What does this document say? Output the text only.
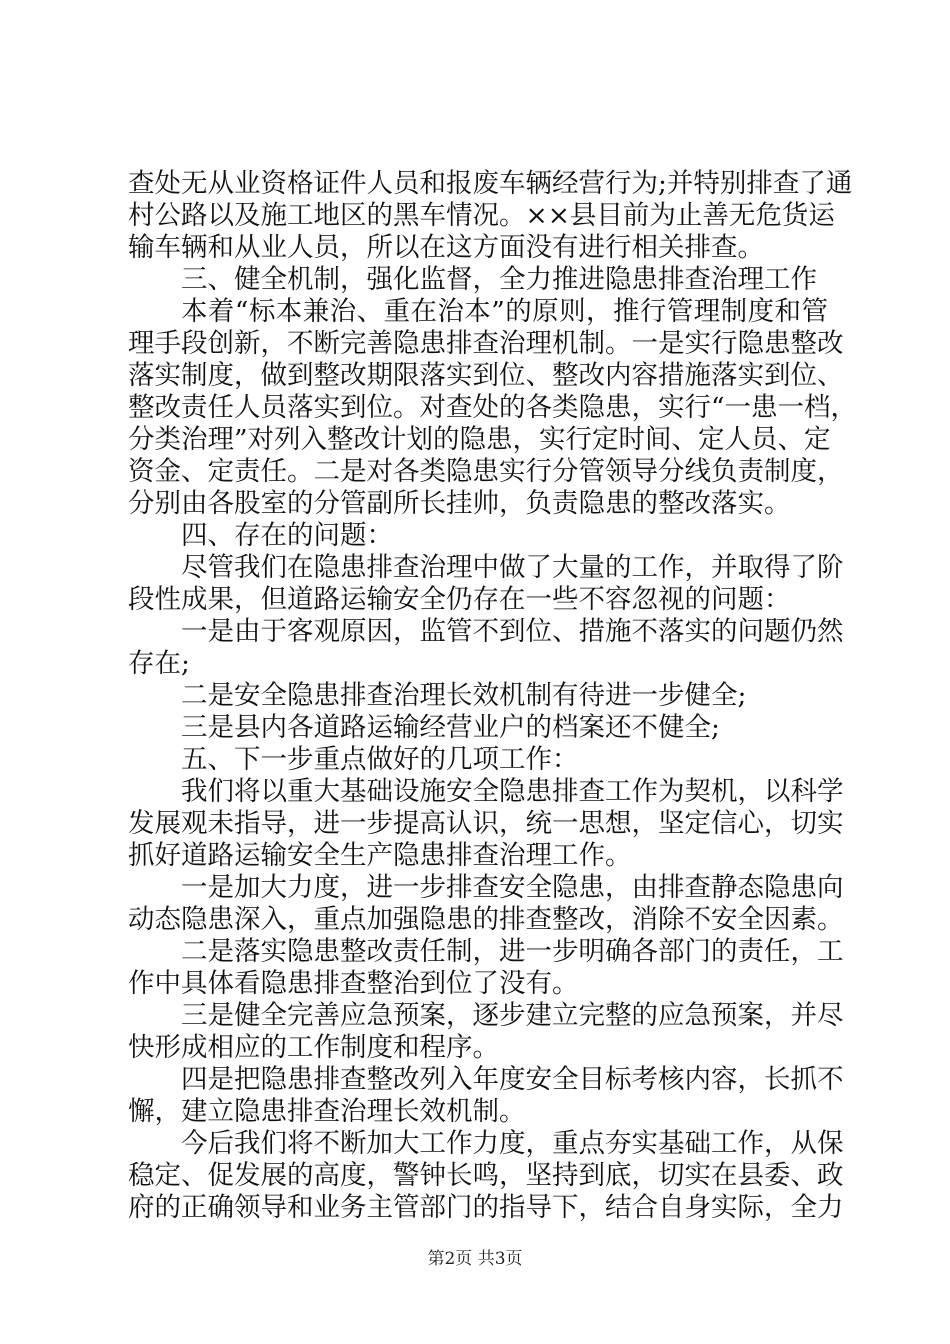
查处无从业资格证件人员和报废车辆经营行为;并特别排查了通
村公路以及施工地区的黑车情况。××县目前为止善无危货运
输车辆和从业人员，所以在这方面没有进行相关排查。
三、健全机制，强化监督，全力推进隐患排查治理工作
本着“标本兼治、重在治本”的原则，推行管理制度和管
理手段创新，不断完善隐患排查治理机制。一是实行隐患整改
落实制度，做到整改期限落实到位、整改内容措施落实到位、
整改责任人员落实到位。对查处的各类隐患，实行“一患一档，
分类治理”对列入整改计划的隐患，实行定时间、定人员、定
资金、定责任。二是对各类隐患实行分管领导分线负责制度，
分别由各股室的分管副所长挂帅，负责隐患的整改落实。
四、存在的问题：
尽管我们在隐患排查治理中做了大量的工作，并取得了阶
段性成果，但道路运输安全仍存在一些不容忽视的问题：
一是由于客观原因，监管不到位、措施不落实的问题仍然
存在;
二是安全隐患排查治理长效机制有待进一步健全;
三是县内各道路运输经营业户的档案还不健全;
五、下一步重点做好的几项工作：
我们将以重大基础设施安全隐患排查工作为契机，以科学
发展观未指导，进一步提高认识，统一思想，坚定信心，切实
抓好道路运输安全生产隐患排查治理工作。
一是加大力度，进一步排查安全隐患，由排查静态隐患向
动态隐患深入，重点加强隐患的排查整改，消除不安全因素。
二是落实隐患整改责任制，进一步明确各部门的责任，工
作中具体看隐患排查整治到位了没有。
三是健全完善应急预案，逐步建立完整的应急预案，并尽
快形成相应的工作制度和程序。
四是把隐患排查整改列入年度安全目标考核内容，长抓不
懈，建立隐患排查治理长效机制。
今后我们将不断加大工作力度，重点夯实基础工作，从保
稳定、促发展的高度，警钟长鸣，坚持到底，切实在县委、政
府的正确领导和业务主管部门的指导下，结合自身实际，全力
第2页 共3页
